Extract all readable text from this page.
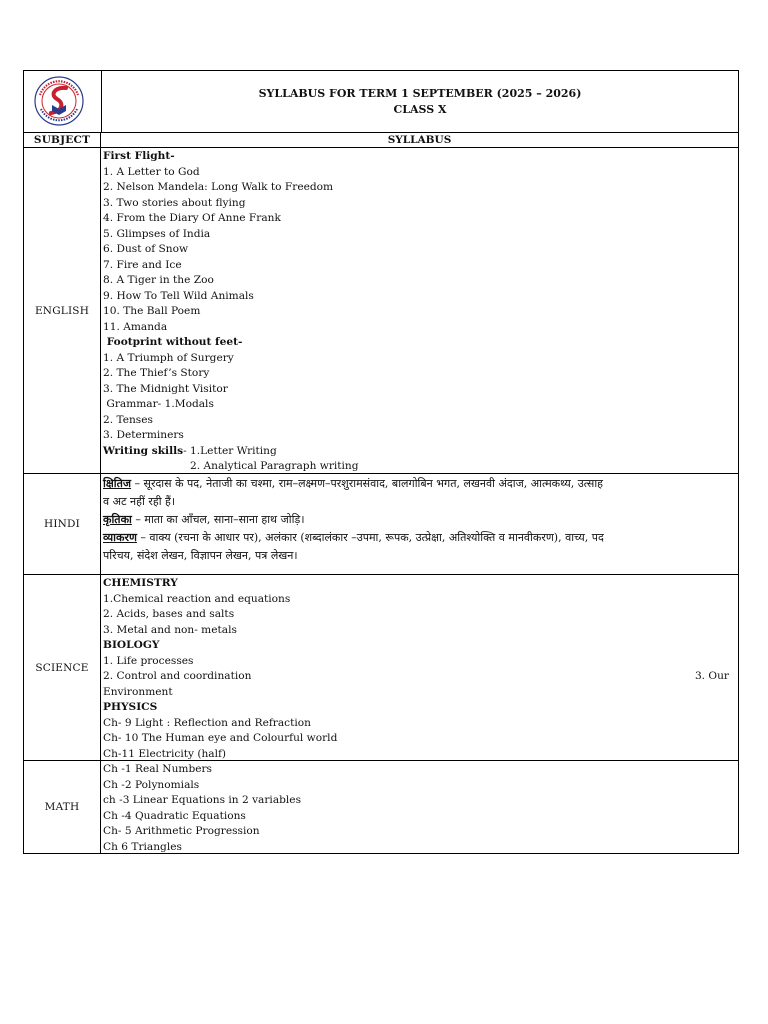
SYLLABUS FOR TERM 1 SEPTEMBER (2025 – 2026)
CLASS X
SUBJECT	SYLLABUS
ENGLISH
First Flight-
1. A Letter to God
2. Nelson Mandela: Long Walk to Freedom
3. Two stories about flying
4. From the Diary Of Anne Frank
5. Glimpses of India
6. Dust of Snow
7. Fire and Ice
8. A Tiger in the Zoo
9. How To Tell Wild Animals
10. The Ball Poem
11. Amanda
Footprint without feet-
1. A Triumph of Surgery
2. The Thief’s Story
3. The Midnight Visitor
Grammar- 1.Modals
2. Tenses
3. Determiners
Writing skills- 1.Letter Writing
2. Analytical Paragraph writing
HINDI
क्षितिज – सूरदास के पद, नेताजी का चश्मा, राम–लक्ष्मण–परशुरामसंवाद, बालगोबिन भगत, लखनवी अंदाज, आत्मकथ्य, उत्साह
व अट नहीं रही हैं।
कृतिका – माता का आँचल, साना–साना हाथ जोड़ि।
व्याकरण – वाक्य (रचना के आधार पर), अलंकार (शब्दालंकार –उपमा, रूपक, उत्प्रेक्षा, अतिश्योक्ति व मानवीकरण), वाच्य, पद
परिचय, संदेश लेखन, विज्ञापन लेखन, पत्र लेखन।
SCIENCE
CHEMISTRY
1.Chemical reaction and equations
2. Acids, bases and salts
3. Metal and non- metals
BIOLOGY
1. Life processes
2. Control and coordination	3. Our
Environment
PHYSICS
Ch- 9 Light : Reflection and Refraction
Ch- 10 The Human eye and Colourful world
Ch-11 Electricity (half)
MATH
Ch -1 Real Numbers
Ch -2 Polynomials
ch -3 Linear Equations in 2 variables
Ch -4 Quadratic Equations
Ch- 5 Arithmetic Progression
Ch 6 Triangles
